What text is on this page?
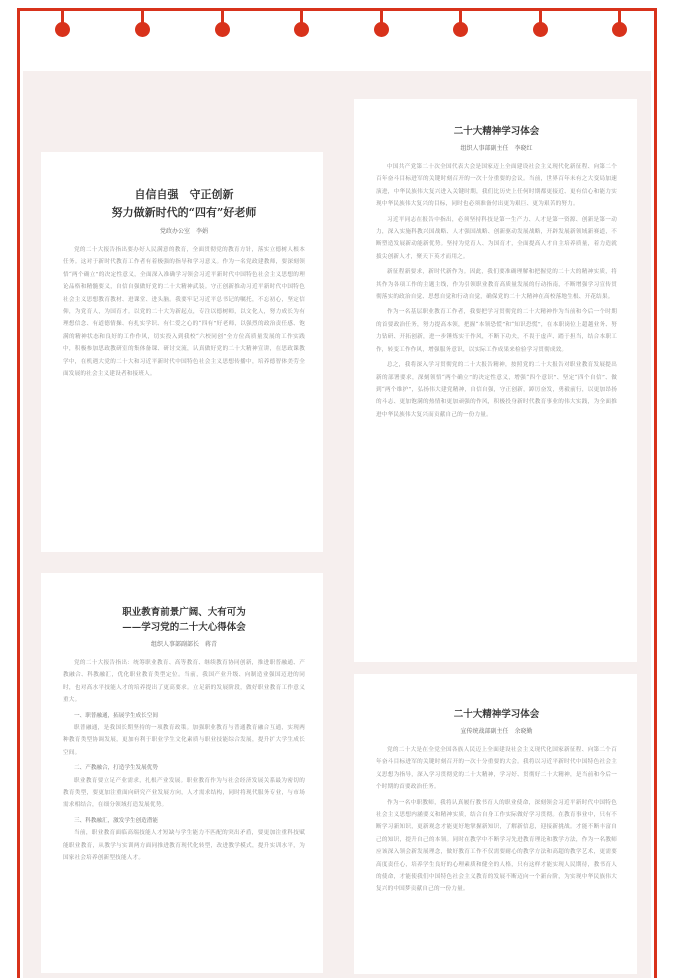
自信自强　守正创新
努力做新时代的“四有”好老师
党政办公室　李娟

党的二十大报告指出要办好人民满意的教育，全面贯彻党的教育方针，落实立德树人根本任务。这对于新时代教育工作者有着极强的指导和学习意义。作为一名党政建教师，要深刻领悟“两个确立”的决定性意义，全面深入准确学习领会习近平新时代中国特色社会主义思想的理论品格和精髓要义，自信自强做好党的二十大精神武装。守正创新推动习近平新时代中国特色社会主义思想教育教材、进课堂、进头脑。我要牢记习近平总书记的嘱托，不忘初心，坚定信仰，为党育人，为国育才。以党的二十大为新起点，专注以德树师，以文化人，努力成长为有理想信念、有道德情操、有扎实学识、有仁爱之心的“四有”好老师，以强烈的政治责任感、饱满的精神状态和良好的工作作风，切实投入到我校“六校同创”全方位高质量发展的工作实践中，积极参加思政教研室的集体备课、研讨交流，认真做好党的二十大精神宣讲，在思政课教学中，在机遇大党的二十大和习近平新时代中国特色社会主义思想传播中，培养德智体美劳全面发展的社会主义建设者和接班人。

二十大精神学习体会
组织人事部副主任　李晓红

中国共产党第二十次全国代表大会是国家迈上全面建设社会主义现代化新征程、向第二个百年奋斗目标进军的关键时刻召开的一次十分重要的会议。当前，世界百年未有之大变局加速演进，中华民族伟大复兴进入关键时期，我们比历史上任何时期都更接近、更有信心和能力实现中华民族伟大复兴的目标，同时也必须准备付出更为艰巨、更为艰苦的努力。

习近平同志在报告中指出，必须坚持科技是第一生产力、人才是第一资源、创新是第一动力，深入实施科教兴国战略、人才强国战略、创新驱动发展战略，开辟发展新领域新赛道，不断塑造发展新动能新优势。坚持为党育人、为国育才，全面提高人才自主培养质量，着力造就拔尖创新人才，聚天下英才而用之。

新征程新要求，新时代新作为。因此，我们要准确理解和把握党的二十大的精神实质，将其作为各项工作的主题主线，作为引领职业教育高质量发展的行动指南，不断增强学习宣传贯彻落实的政治自觉、思想自觉和行动自觉，确保党的二十大精神在高校落地生根、开花结果。

作为一名基层职业教育工作者，我要把学习贯彻党的二十大精神作为当前和今后一个时期的首要政治任务，努力提高本领，把握“本领恐慌”和“知识恐慌”，在本职岗位上超越业务、努力钻研、开拓创新，进一步锤炼实干作风，不断下功夫，不畏于虚声、踏于担当，结合本职工作，转变工作作风，增强服务意识，以实际工作成果来检验学习贯彻成效。

总之，我将深入学习贯彻党的二十大报告精神，按照党的二十大报告对职业教育发展提出新的部署要求，深刻领悟“两个确立”的决定性意义，增强“四个意识”、坚定“四个自信”、做到“两个维护”，弘扬伟大建党精神，自信自强，守正创新，踔厉奋发，勇毅前行，以更加昂扬的斗志、更加饱满的热情和更加顽强的作风，积极投身新时代教育事业的伟大实践，为全面推进中华民族伟大复兴而贡献自己的一份力量。

职业教育前景广阔、大有可为
——学习党的二十大心得体会
组织人事部副部长　蒋青

党的二十大报告指出：统筹职业教育、高等教育、继续教育协同创新，推进职普融通、产教融合、科教融汇，优化职业教育类型定位。当前，我国产业升级、向制造业强国迈进的同时，也对高水平技能人才的培养提出了更高要求。立足新的发展阶段，做好职业教育工作意义重大。

一、职普融通，拓展学生成长空间

职普融通，是我国长期坚持的一项教育政策。加强职业教育与普通教育融合互通，实现两种教育类型协调发展，更加有利于职业学生文化素质与职业技能综合发展，提升扩大学生成长空间。

二、产教融合，打造学生发展优势

职业教育要立足产业需求，扎根产业发展。职业教育作为与社会经济发展关系最为密切的教育类型，要更加注重面向研究产业发展方向，人才需求结构，同时将现代服务专业，与市场需求相结合，在细分领域打造发展优势。

三、科教融汇，激发学生创造潜能

当前，职业教育面临高端技能人才短缺与学生能力不匹配的突出矛盾，要更加注重科技赋能职业教育，从教学与实训两方面同推进教育现代化转型，改进教学模式，提升实训水平，为国家社会培养创新型技能人才。

二十大精神学习体会
宣传统战部副主任　余晓勤

党的二十大是在全党全国各族人民迈上全面建设社会主义现代化国家新征程、向第二个百年奋斗目标进军的关键时刻召开的一次十分重要的大会。我将以习近平新时代中国特色社会主义思想为指导，深入学习贯彻党的二十大精神，学习好、贯彻好二十大精神，是当前和今后一个时期的首要政治任务。

作为一名中职教师，我将认真履行教书育人的职业使命，深刻领会习近平新时代中国特色社会主义思想内涵要义和精神实质，结合自身工作实际做好学习贯彻。在教育事业中，只有不断学习新知识，更新观念才能更好地掌握新知识，了解新信息，迎接新挑战。才能不断丰富自己的知识，提升自己的本领。同时在教学中不断学习先进教育理论和教学方法，作为一名教师应该深入领会新发展理念，做好教育工作不仅需要耐心的教学方法和高超的教学艺术，更需要高度责任心，培养学生良好的心理素质和健全的人格，只有这样才能实现人民期待，教书育人的使命，才能使我们中国特色社会主义教育的发展不断迈向一个新台阶，为实现中华民族伟大复兴的中国梦贡献自己的一份力量。
